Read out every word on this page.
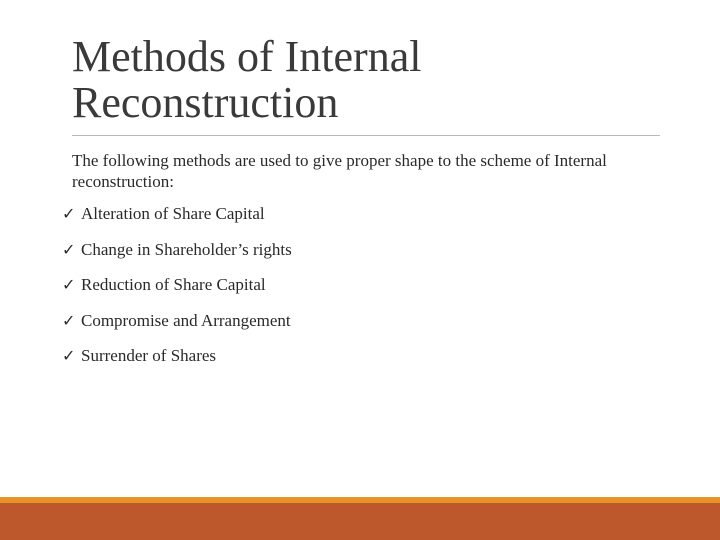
Methods of Internal
Reconstruction

The following methods are used to give proper shape to the scheme of Internal reconstruction:

✓ Alteration of Share Capital
✓ Change in Shareholder’s rights
✓ Reduction of Share Capital
✓ Compromise and Arrangement
✓ Surrender of Shares
